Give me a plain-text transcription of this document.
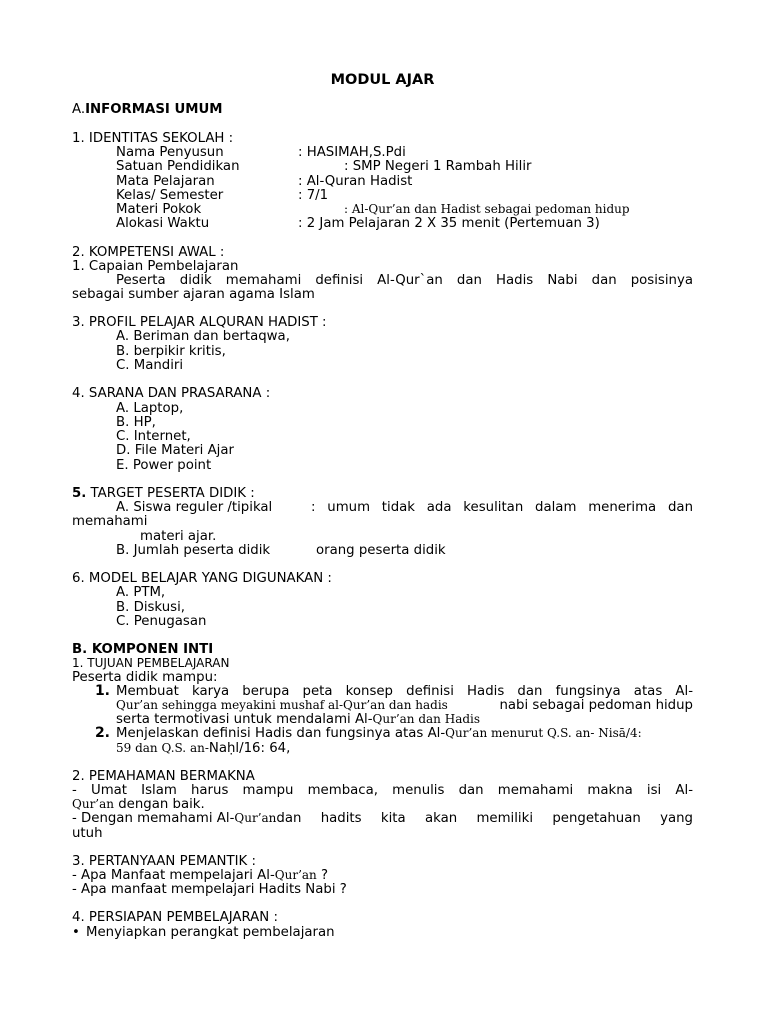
MODUL AJAR
A.INFORMASI UMUM
1. IDENTITAS SEKOLAH :
Nama Penyusun	: HASIMAH,S.Pdi
Satuan Pendidikan	: SMP Negeri 1 Rambah Hilir
Mata Pelajaran	: Al-Quran Hadist
Kelas/ Semester	: 7/1
Materi Pokok	: Al-Qur’an dan Hadist sebagai pedoman hidup
Alokasi Waktu	: 2 Jam Pelajaran 2 X 35 menit (Pertemuan 3)
2. KOMPETENSI AWAL :
1. Capaian Pembelajaran
Peserta didik memahami definisi Al-Qur`an dan Hadis Nabi dan posisinya
sebagai sumber ajaran agama Islam
3. PROFIL PELAJAR ALQURAN HADIST :
A. Beriman dan bertaqwa,
B. berpikir kritis,
C. Mandiri
4. SARANA DAN PRASARANA :
A. Laptop,
B. HP,
C. Internet,
D. File Materi Ajar
E. Power point
5. TARGET PESERTA DIDIK :
A. Siswa reguler /tipikal	: umum tidak ada kesulitan dalam menerima dan
memahami
materi ajar.
B. Jumlah peserta didik	orang peserta didik
6. MODEL BELAJAR YANG DIGUNAKAN :
A. PTM,
B. Diskusi,
C. Penugasan
B. KOMPONEN INTI
1. TUJUAN PEMBELAJARAN
Peserta didik mampu:
1. Membuat karya berupa peta konsep definisi Hadis dan fungsinya atas Al-
Qur’an sehingga meyakini mushaf al-Qur’an dan hadis	nabi sebagai pedoman hidup
serta termotivasi untuk mendalami Al-Qur’an dan Hadis
2. Menjelaskan definisi Hadis dan fungsinya atas Al-Qur’an menurut Q.S. an- Nisā/4:
59 dan Q.S. an-Naḥl/16: 64,
2. PEMAHAMAN BERMAKNA
- Umat Islam harus mampu membaca, menulis dan memahami makna isi Al-
Qur’an dengan baik.
- Dengan memahami Al- Qur’an dan hadits kita akan memiliki pengetahuan yang
utuh
3. PERTANYAAN PEMANTIK :
- Apa Manfaat mempelajari Al-Qur’an ?
- Apa manfaat mempelajari Hadits Nabi ?
4. PERSIAPAN PEMBELAJARAN :
• Menyiapkan perangkat pembelajaran
